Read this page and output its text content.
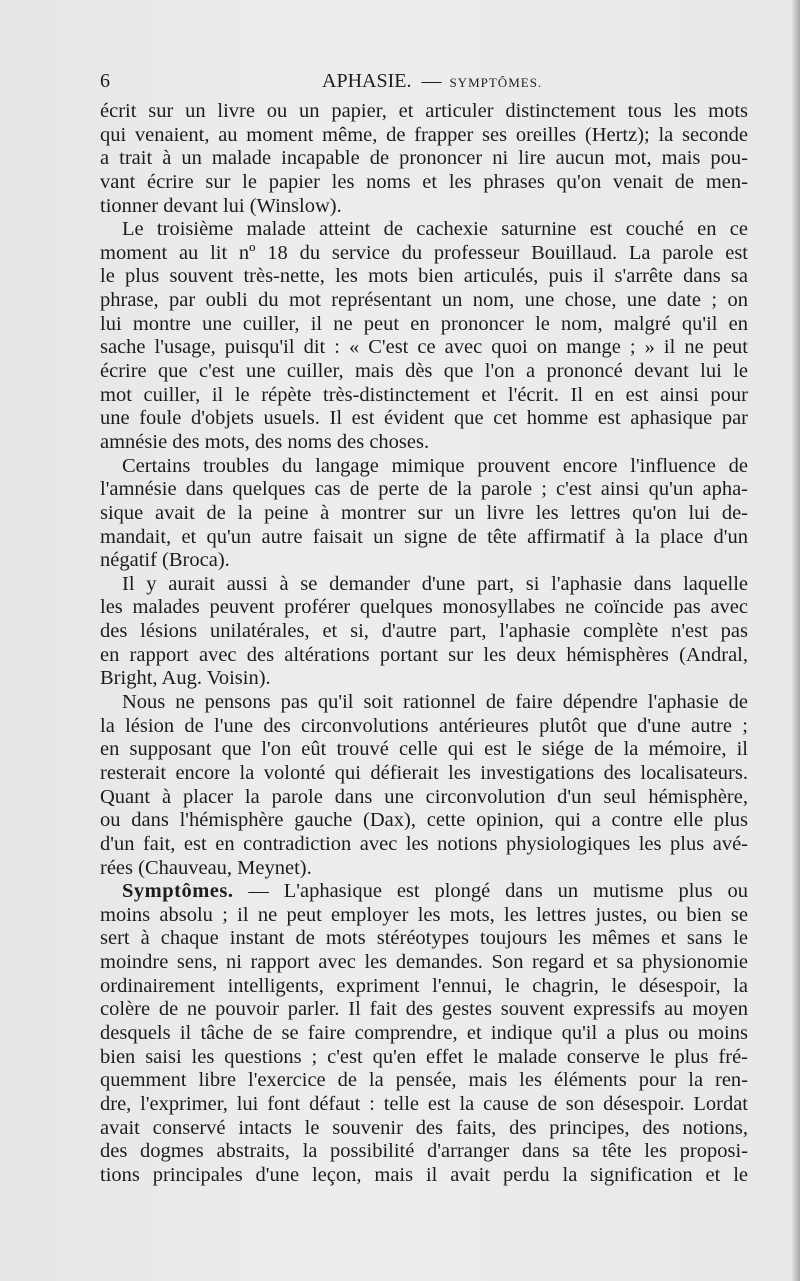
6	APHASIE. — SYMPTÔMES.
écrit sur un livre ou un papier, et articuler distinctement tous les mots
qui venaient, au moment même, de frapper ses oreilles (Hertz); la seconde
a trait à un malade incapable de prononcer ni lire aucun mot, mais pou-
vant écrire sur le papier les noms et les phrases qu'on venait de men-
tionner devant lui (Winslow).
Le troisième malade atteint de cachexie saturnine est couché en ce
moment au lit nº 18 du service du professeur Bouillaud. La parole est
le plus souvent très-nette, les mots bien articulés, puis il s'arrête dans sa
phrase, par oubli du mot représentant un nom, une chose, une date ; on
lui montre une cuiller, il ne peut en prononcer le nom, malgré qu'il en
sache l'usage, puisqu'il dit : « C'est ce avec quoi on mange ; » il ne peut
écrire que c'est une cuiller, mais dès que l'on a prononcé devant lui le
mot cuiller, il le répète très-distinctement et l'écrit. Il en est ainsi pour
une foule d'objets usuels. Il est évident que cet homme est aphasique par
amnésie des mots, des noms des choses.
Certains troubles du langage mimique prouvent encore l'influence de
l'amnésie dans quelques cas de perte de la parole ; c'est ainsi qu'un apha-
sique avait de la peine à montrer sur un livre les lettres qu'on lui de-
mandait, et qu'un autre faisait un signe de tête affirmatif à la place d'un
négatif (Broca).
Il y aurait aussi à se demander d'une part, si l'aphasie dans laquelle
les malades peuvent proférer quelques monosyllabes ne coïncide pas avec
des lésions unilatérales, et si, d'autre part, l'aphasie complète n'est pas
en rapport avec des altérations portant sur les deux hémisphères (Andral,
Bright, Aug. Voisin).
Nous ne pensons pas qu'il soit rationnel de faire dépendre l'aphasie de
la lésion de l'une des circonvolutions antérieures plutôt que d'une autre ;
en supposant que l'on eût trouvé celle qui est le siége de la mémoire, il
resterait encore la volonté qui défierait les investigations des localisateurs.
Quant à placer la parole dans une circonvolution d'un seul hémisphère,
ou dans l'hémisphère gauche (Dax), cette opinion, qui a contre elle plus
d'un fait, est en contradiction avec les notions physiologiques les plus avé-
rées (Chauveau, Meynet).
Symptômes. — L'aphasique est plongé dans un mutisme plus ou
moins absolu ; il ne peut employer les mots, les lettres justes, ou bien se
sert à chaque instant de mots stéréotypes toujours les mêmes et sans le
moindre sens, ni rapport avec les demandes. Son regard et sa physionomie
ordinairement intelligents, expriment l'ennui, le chagrin, le désespoir, la
colère de ne pouvoir parler. Il fait des gestes souvent expressifs au moyen
desquels il tâche de se faire comprendre, et indique qu'il a plus ou moins
bien saisi les questions ; c'est qu'en effet le malade conserve le plus fré-
quemment libre l'exercice de la pensée, mais les éléments pour la ren-
dre, l'exprimer, lui font défaut : telle est la cause de son désespoir. Lordat
avait conservé intacts le souvenir des faits, des principes, des notions,
des dogmes abstraits, la possibilité d'arranger dans sa tête les proposi-
tions principales d'une leçon, mais il avait perdu la signification et le
